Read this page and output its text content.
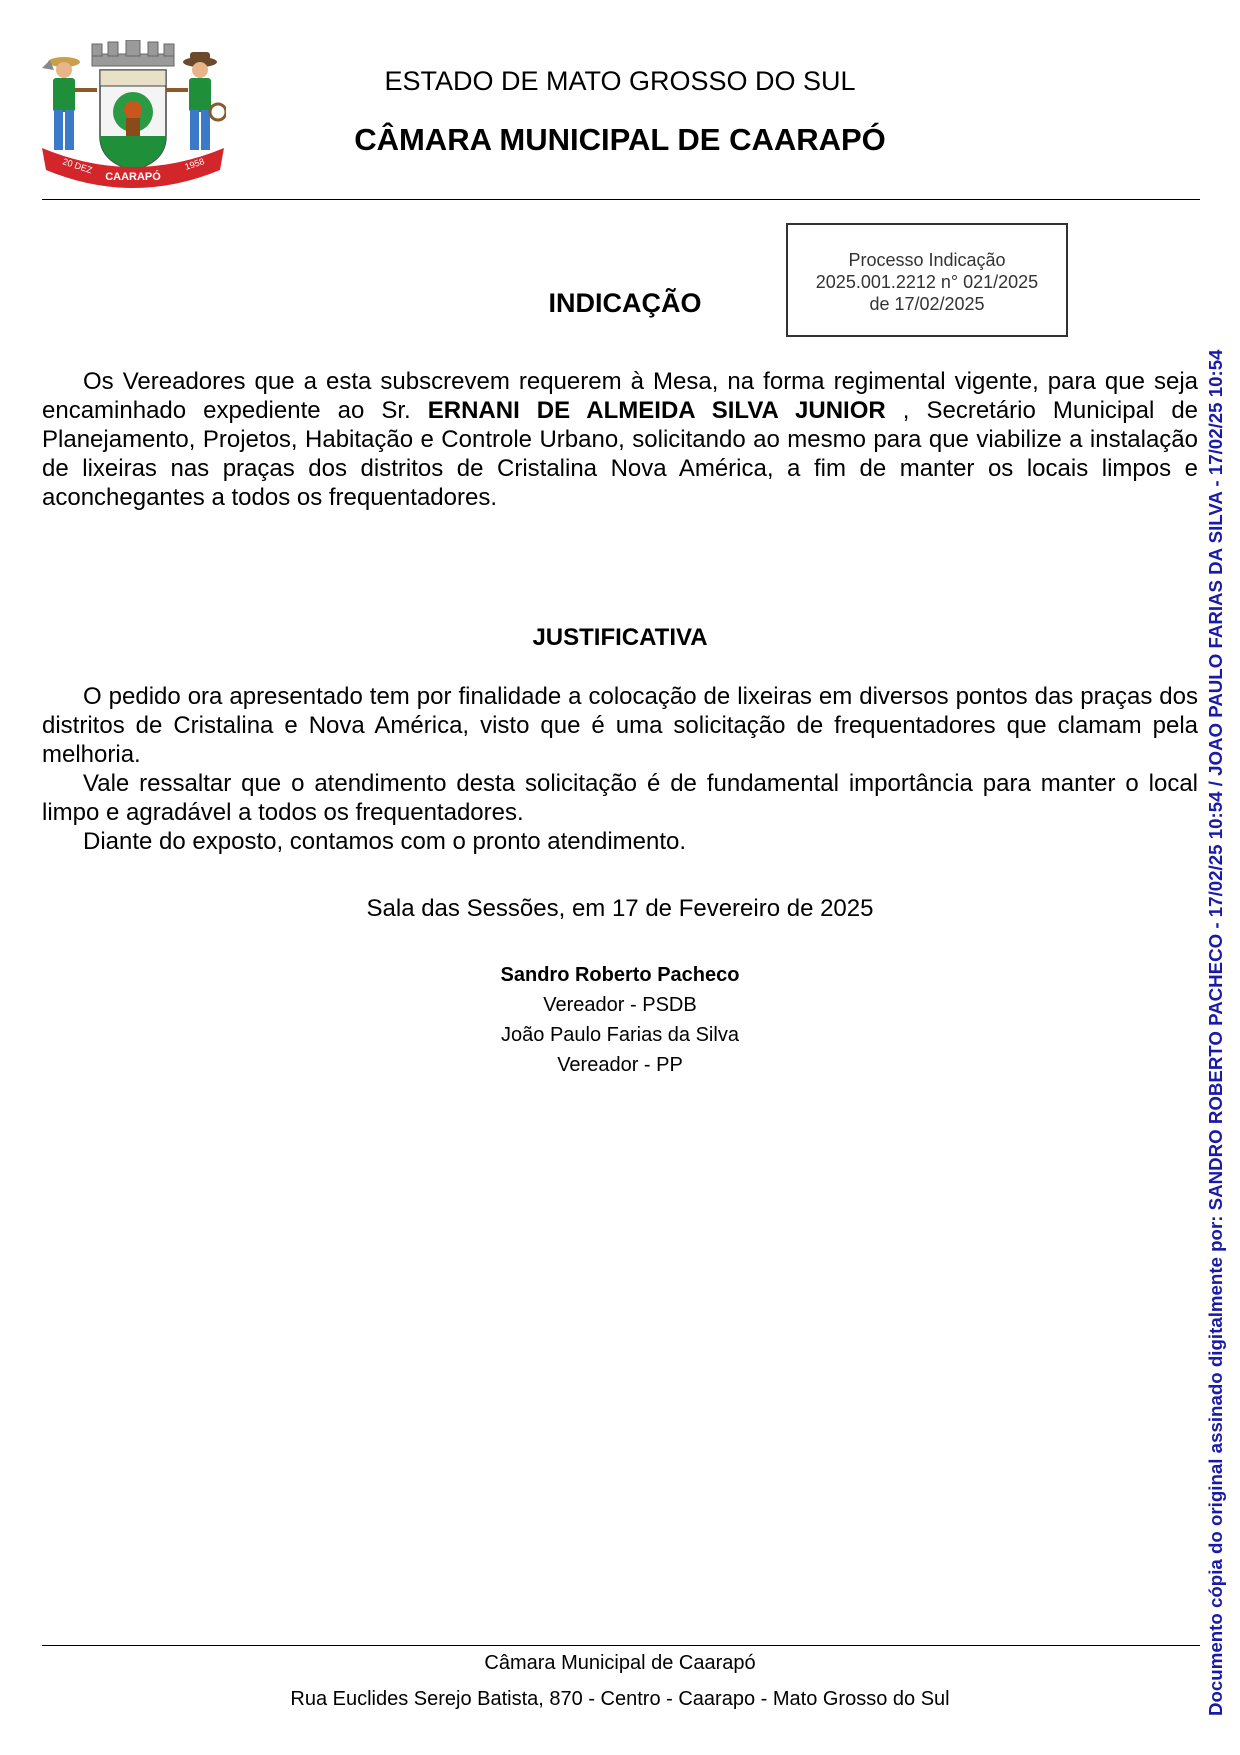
20 DEZ
CAARAPÓ
1958
ESTADO DE MATO GROSSO DO SUL
CÂMARA MUNICIPAL DE CAARAPÓ
Processo Indicação
2025.001.2212 n° 021/2025
de 17/02/2025
INDICAÇÃO
Os Vereadores que a esta subscrevem requerem à Mesa, na forma regimental vigente, para que seja encaminhado expediente ao Sr. ERNANI DE ALMEIDA SILVA JUNIOR , Secretário Municipal de Planejamento, Projetos, Habitação e Controle Urbano, solicitando ao mesmo para que viabilize a instalação de lixeiras nas praças dos distritos de Cristalina Nova América, a fim de manter os locais limpos e aconchegantes a todos os frequentadores.
JUSTIFICATIVA
O pedido ora apresentado tem por finalidade a colocação de lixeiras em diversos pontos das praças dos distritos de Cristalina e Nova América, visto que é uma solicitação de frequentadores que clamam pela melhoria.
Vale ressaltar que o atendimento desta solicitação é de fundamental importância para manter o local limpo e agradável a todos os frequentadores.
Diante do exposto, contamos com o pronto atendimento.
Sala das Sessões, em 17 de Fevereiro de 2025
Sandro Roberto Pacheco
Vereador - PSDB
João Paulo Farias da Silva
Vereador - PP
Câmara Municipal de Caarapó
Rua Euclides Serejo Batista, 870 - Centro - Caarapo - Mato Grosso do Sul	Documento cópia do original assinado digitalmente por: SANDRO ROBERTO PACHECO - 17/02/25 10:54 / JOAO PAULO FARIAS DA SILVA - 17/02/25 10:54
